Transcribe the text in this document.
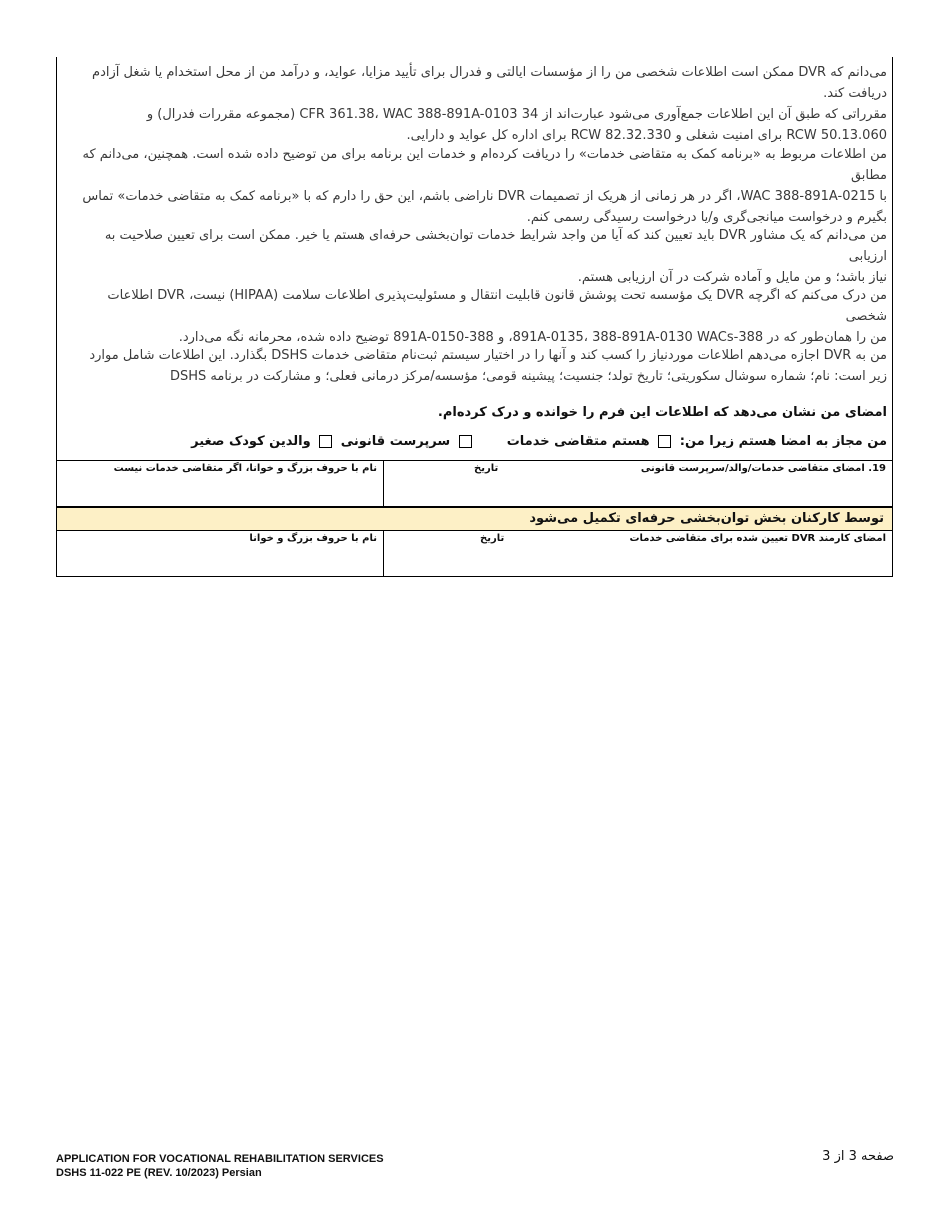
می‌دانم که DVR ممکن است اطلاعات شخصی من را از مؤسسات ایالتی و فدرال برای تأیید مزایا، عواید، و درآمد من از محل استخدام یا شغل آزادم دریافت کند.
مقرراتی که طبق آن این اطلاعات جمع‌آوری می‌شود عبارت‌اند از 34 CFR 361.38، WAC 388-891A-0103 (مجموعه مقررات فدرال) و
RCW 50.13.060 برای امنیت شغلی و RCW 82.32.330 برای اداره کل عواید و دارایی.
من اطلاعات مربوط به «برنامه کمک به متقاضی خدمات» را دریافت کرده‌ام و خدمات این برنامه برای من توضیح داده شده است. همچنین، می‌دانم که مطابق
با WAC 388-891A-0215، اگر در هر زمانی از هریک از تصمیمات DVR ناراضی باشم، این حق را دارم که با «برنامه کمک به متقاضی خدمات» تماس
بگیرم و درخواست میانجی‌گری و/یا درخواست رسیدگی رسمی کنم.
من می‌دانم که یک مشاور DVR باید تعیین کند که آیا من واجد شرایط خدمات توان‌بخشی حرفه‌ای هستم یا خیر. ممکن است برای تعیین صلاحیت به ارزیابی
نیاز باشد؛ و من مایل و آماده شرکت در آن ارزیابی هستم.
من درک می‌کنم که اگرچه DVR یک مؤسسه تحت پوشش قانون قابلیت انتقال و مسئولیت‌پذیری اطلاعات سلامت (HIPAA) نیست، DVR اطلاعات شخصی
من را همان‌طور که در 388-891A-0135، 388-891A-0130 WACs، و 388-891A-0150 توضیح داده شده، محرمانه نگه می‌دارد.
من به DVR اجازه می‌دهم اطلاعات موردنیاز را کسب کند و آنها را در اختیار سیستم ثبت‌نام متقاضی خدمات DSHS بگذارد. این اطلاعات شامل موارد
زیر است: نام؛ شماره سوشال سکوریتی؛ تاریخ تولد؛ جنسیت؛ پیشینه قومی؛ مؤسسه/مرکز درمانی فعلی؛ و مشارکت در برنامه DSHS
امضای من نشان می‌دهد که اطلاعات این فرم را خوانده و درک کرده‌ام.
من مجاز به امضا هستم زیرا من:  هستم متقاضی خدمات   سرپرست قانونی  والدین کودک صغیر
نام با حروف بزرگ و خوانا، اگر متقاضی خدمات نیست	19. امضای متقاضی خدمات/والد/سرپرست قانونی
تاریخ
توسط کارکنان بخش توان‌بخشی حرفه‌ای تکمیل می‌شود
نام با حروف بزرگ و خوانا	امضای کارمند DVR تعیین شده برای متقاضی خدمات
تاریخ
APPLICATION FOR VOCATIONAL REHABILITATION SERVICES
DSHS 11-022 PE (REV. 10/2023) Persian
صفحه 3 از 3
